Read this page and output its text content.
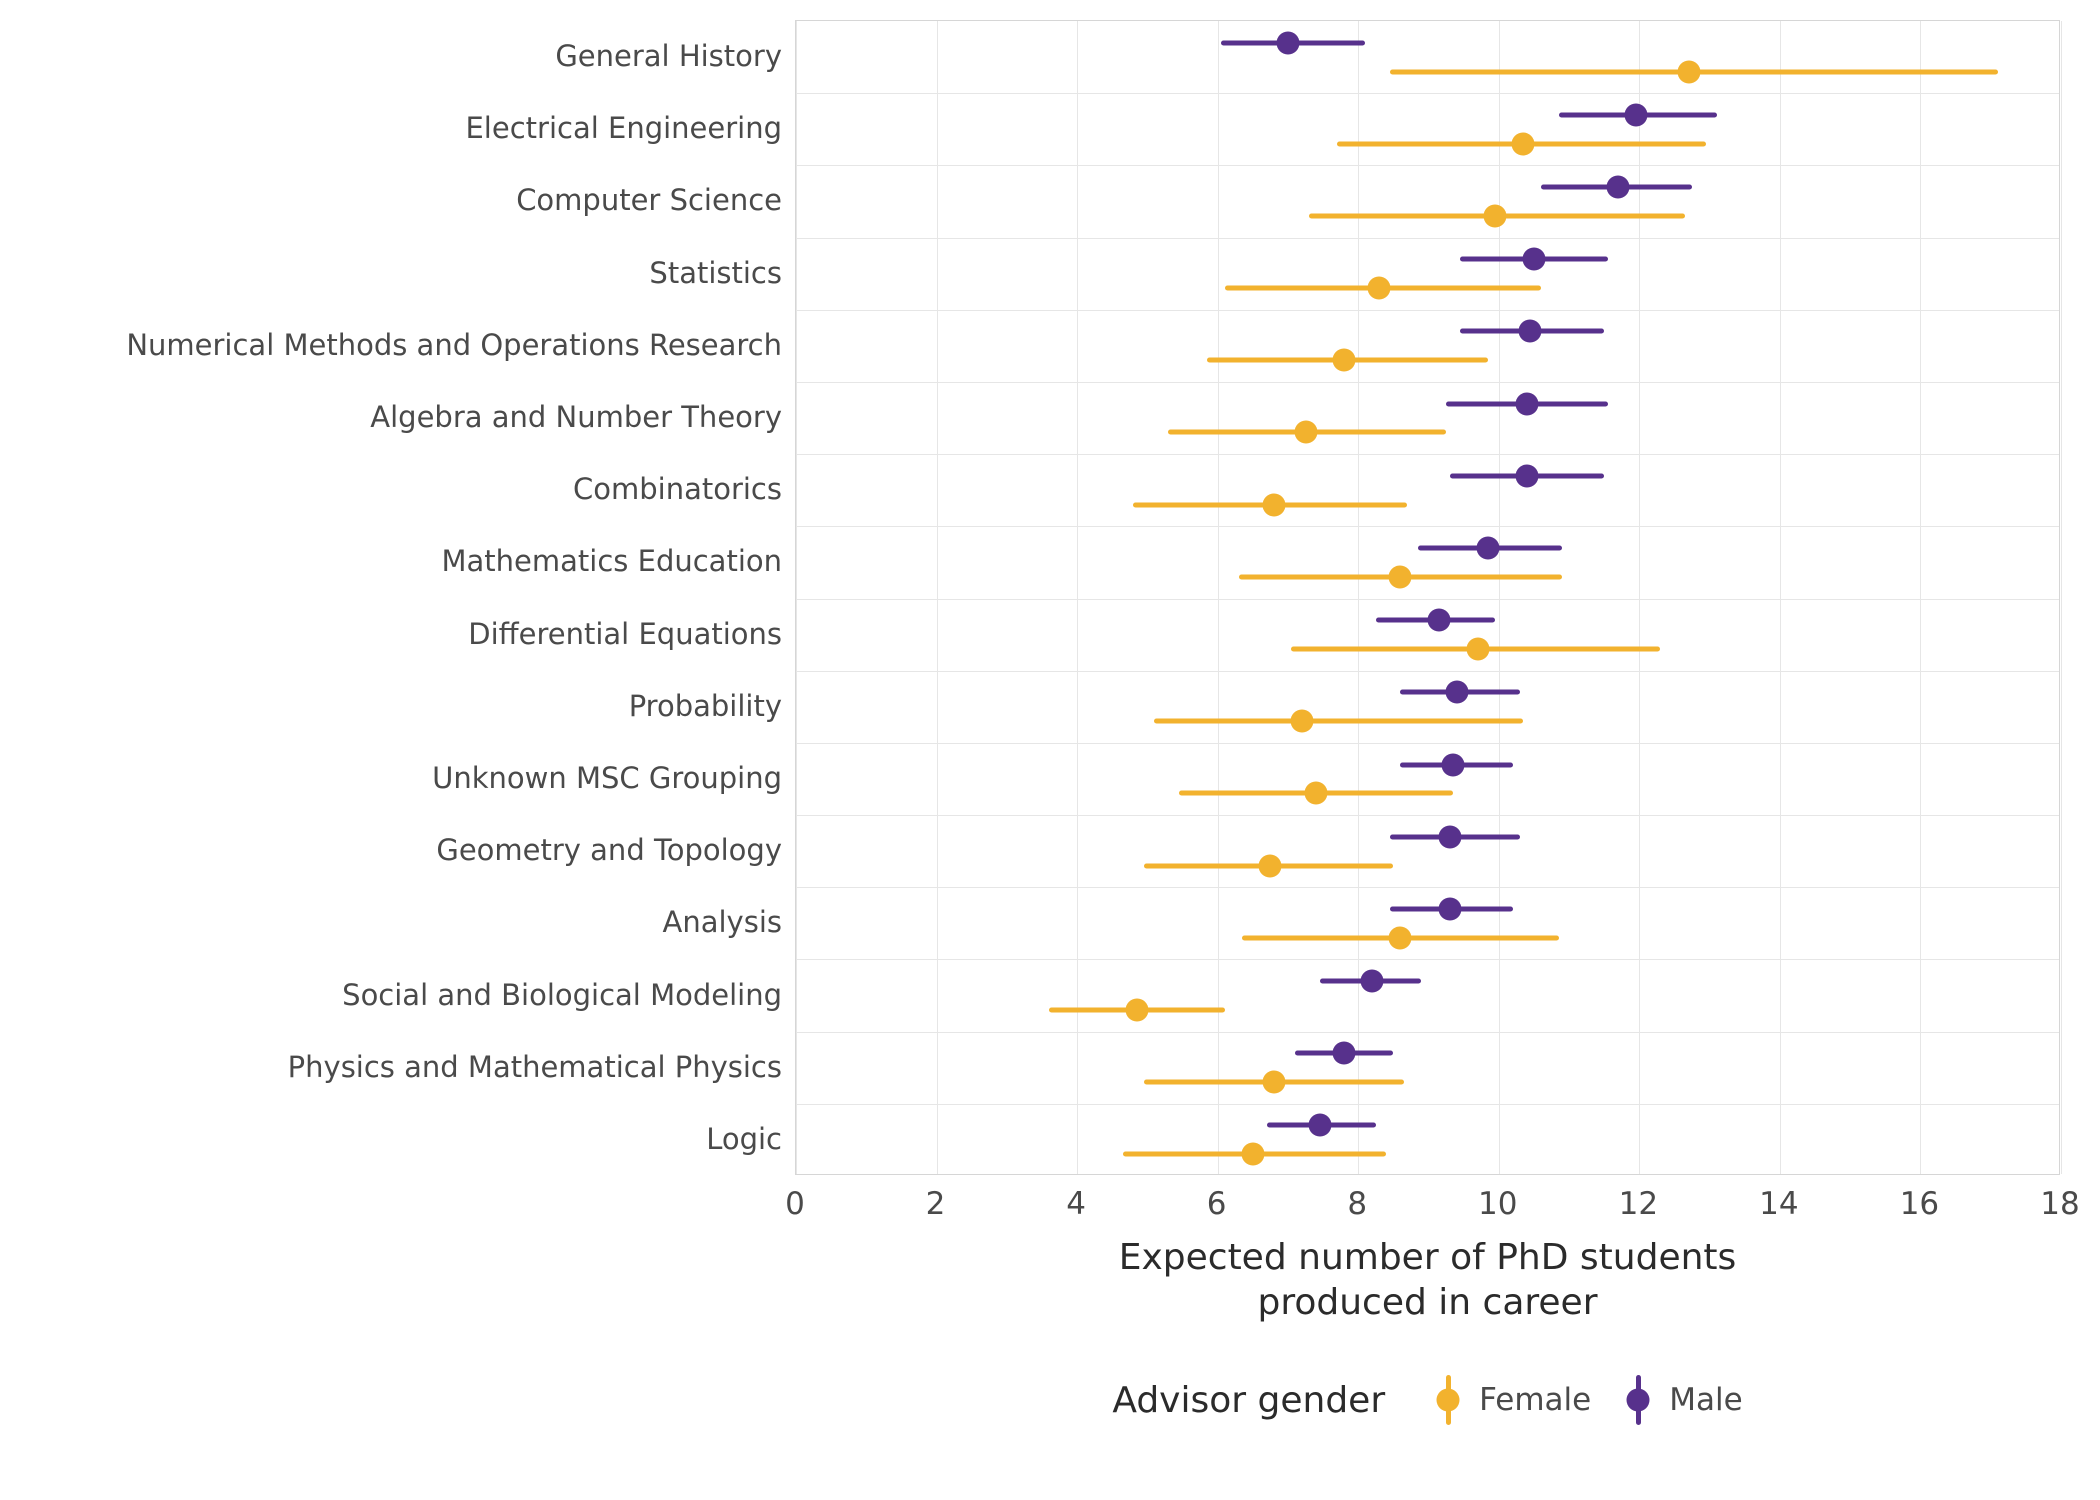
General History
Electrical Engineering
Computer Science
Statistics
Numerical Methods and Operations Research
Algebra and Number Theory
Combinatorics
Mathematics Education
Differential Equations
Probability
Unknown MSC Grouping
Geometry and Topology
Analysis
Social and Biological Modeling
Physics and Mathematical Physics
Logic
0	2	4	6	8	10	12	14	16	18
Expected number of PhD students
produced in career
Advisor gender	Female	Male
